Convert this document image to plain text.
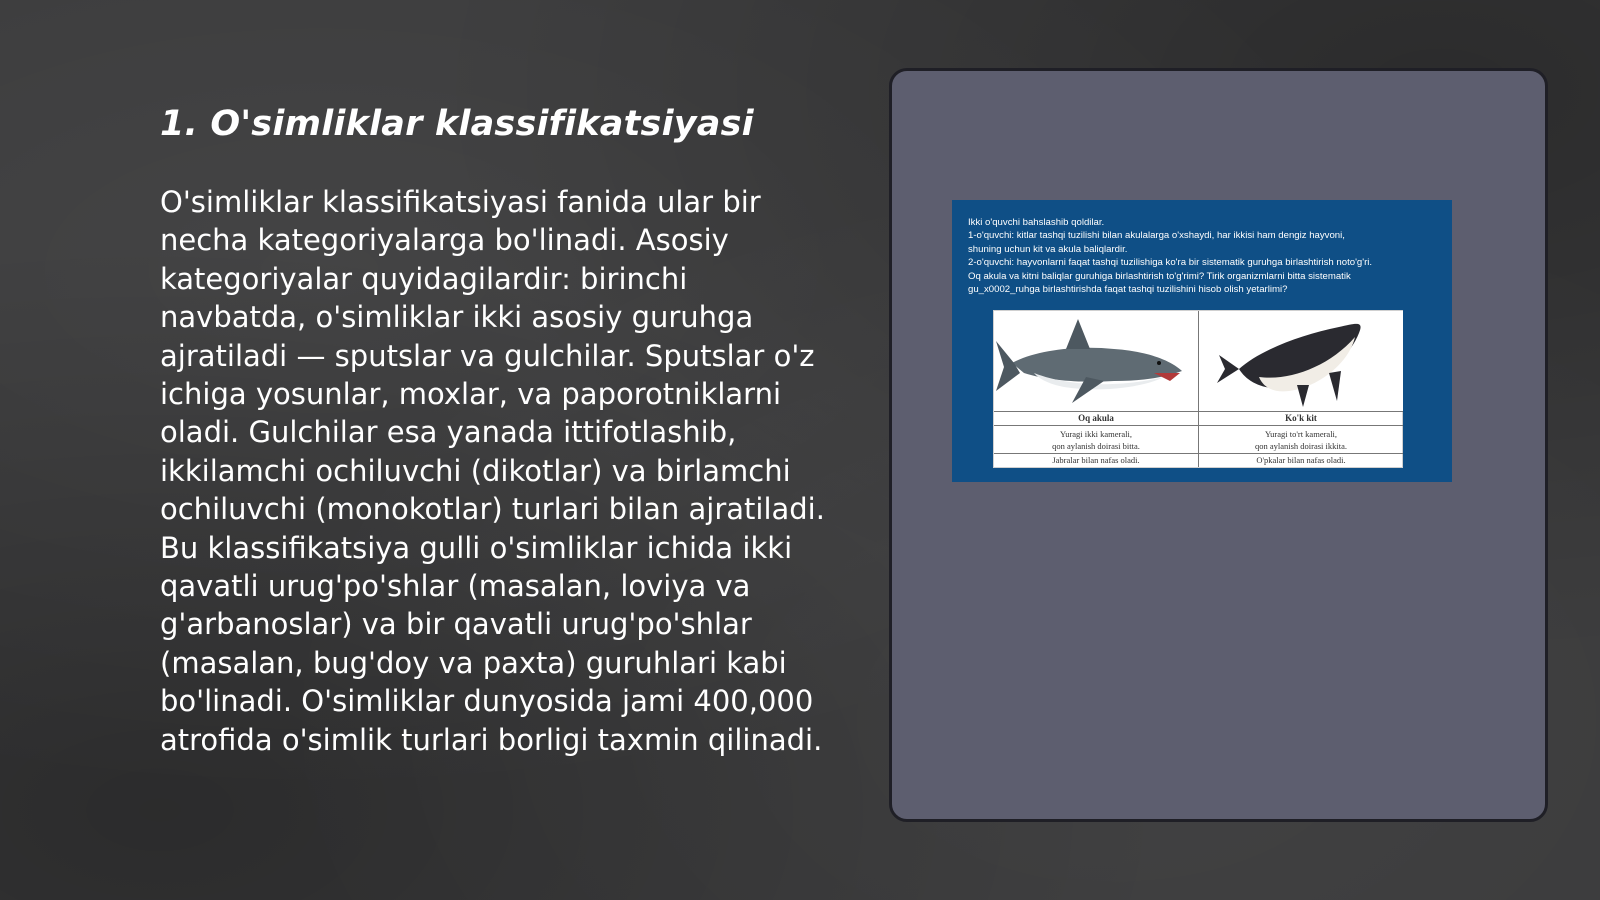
1. O'simliklar klassifikatsiyasi

O'simliklar klassifikatsiyasi fanida ular bir necha kategoriyalarga bo'linadi. Asosiy kategoriyalar quyidagilardir: birinchi navbatda, o'simliklar ikki asosiy guruhga ajratiladi — sputslar va gulchilar. Sputslar o'z ichiga yosunlar, moxlar, va paporotniklarni oladi. Gulchilar esa yanada ittifotlashib, ikkilamchi ochiluvchi (dikotlar) va birlamchi ochiluvchi (monokotlar) turlari bilan ajratiladi. Bu klassifikatsiya gulli o'simliklar ichida ikki qavatli urug'po'shlar (masalan, loviya va g'arbanoslar) va bir qavatli urug'po'shlar (masalan, bug'doy va paxta) guruhlari kabi bo'linadi. O'simliklar dunyosida jami 400,000 atrofida o'simlik turlari borligi taxmin qilinadi.

Ikki o'quvchi bahslashib qoldilar.
1-o'quvchi: kitlar tashqi tuzilishi bilan akulalarga o'xshaydi, har ikkisi ham dengiz hayvoni,
shuning uchun kit va akula baliqlardir.
2-o'quvchi: hayvonlarni faqat tashqi tuzilishiga ko'ra bir sistematik guruhga birlashtirish noto'g'ri.
Oq akula va kitni baliqlar guruhiga birlashtirish to'g'rimi? Tirik organizmlarni bitta sistematik
gu_x0002_ruhga birlashtirishda faqat tashqi tuzilishini hisob olish yetarlimi?
Oq akula
Yuragi ikki kamerali,
qon aylanish doirasi bitta.
Jabralar bilan nafas oladi.
Ko'k kit
Yuragi to'rt kamerali,
qon aylanish doirasi ikkita.
O'pkalar bilan nafas oladi.
